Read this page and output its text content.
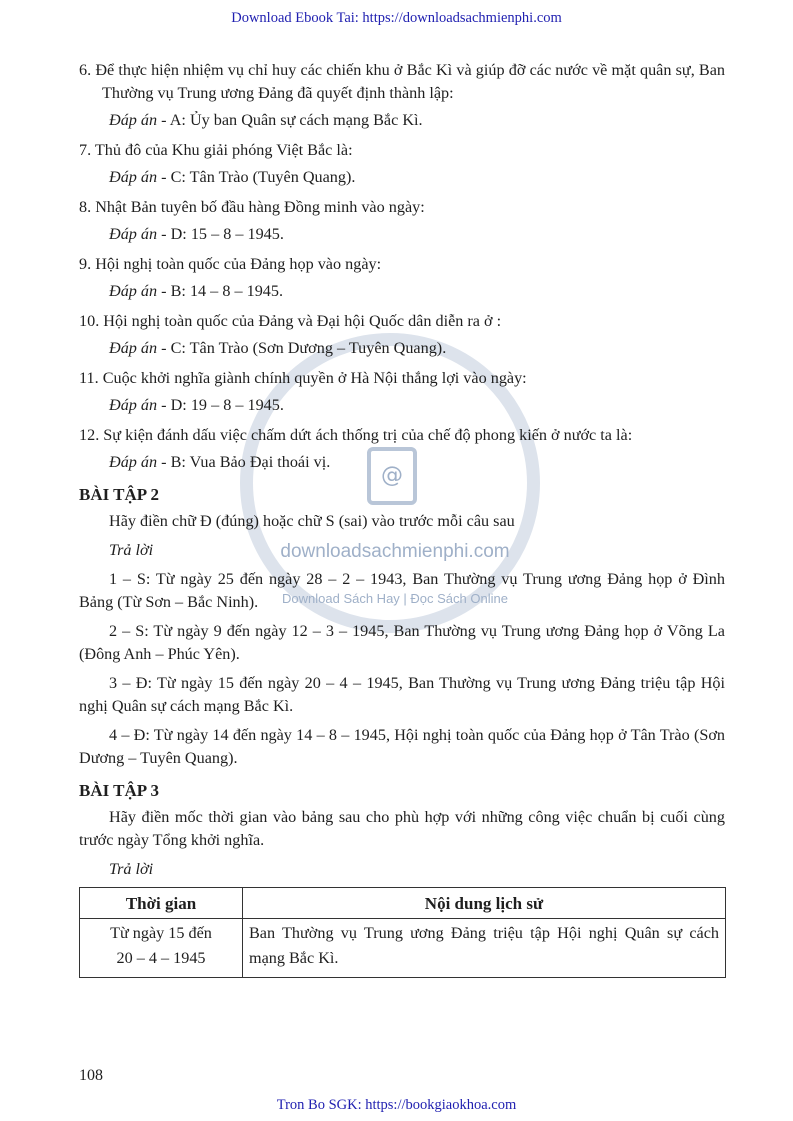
Download Ebook Tai: https://downloadsachmienphi.com
@
downloadsachmienphi.com
Download Sách Hay | Đọc Sách Online

6. Để thực hiện nhiệm vụ chỉ huy các chiến khu ở Bắc Kì và giúp đỡ các nước về mặt quân sự, Ban Thường vụ Trung ương Đảng đã quyết định thành lập:

Đáp án - A: Ủy ban Quân sự cách mạng Bắc Kì.

7. Thủ đô của Khu giải phóng Việt Bắc là:

Đáp án - C: Tân Trào (Tuyên Quang).

8. Nhật Bản tuyên bố đầu hàng Đồng minh vào ngày:

Đáp án - D: 15 – 8 – 1945.

9. Hội nghị toàn quốc của Đảng họp vào ngày:

Đáp án - B: 14 – 8 – 1945.

10. Hội nghị toàn quốc của Đảng và Đại hội Quốc dân diễn ra ở :

Đáp án - C: Tân Trào (Sơn Dương – Tuyên Quang).

11. Cuộc khởi nghĩa giành chính quyền ở Hà Nội thắng lợi vào ngày:

Đáp án - D: 19 – 8 – 1945.

12. Sự kiện đánh dấu việc chấm dứt ách thống trị của chế độ phong kiến ở nước ta là:

Đáp án - B: Vua Bảo Đại thoái vị.

BÀI TẬP 2

Hãy điền chữ Đ (đúng) hoặc chữ S (sai) vào trước mỗi câu sau

Trả lời

1 – S: Từ ngày 25 đến ngày 28 – 2 – 1943, Ban Thường vụ Trung ương Đảng họp ở Đình Bảng (Từ Sơn – Bắc Ninh).

2 – S: Từ ngày 9 đến ngày 12 – 3 – 1945, Ban Thường vụ Trung ương Đảng họp ở Võng La (Đông Anh – Phúc Yên).

3 – Đ: Từ ngày 15 đến ngày 20 – 4 – 1945, Ban Thường vụ Trung ương Đảng triệu tập Hội nghị Quân sự cách mạng Bắc Kì.

4 – Đ: Từ ngày 14 đến ngày 14 – 8 – 1945, Hội nghị toàn quốc của Đảng họp ở Tân Trào (Sơn Dương – Tuyên Quang).

BÀI TẬP 3

Hãy điền mốc thời gian vào bảng sau cho phù hợp với những công việc chuẩn bị cuối cùng trước ngày Tổng khởi nghĩa.

Trả lời

Thời gian	Nội dung lịch sử

Từ ngày 15 đến
20 – 4 – 1945	Ban Thường vụ Trung ương Đảng triệu tập Hội nghị Quân sự cách mạng Bắc Kì.
108
Tron Bo SGK: https://bookgiaokhoa.com
